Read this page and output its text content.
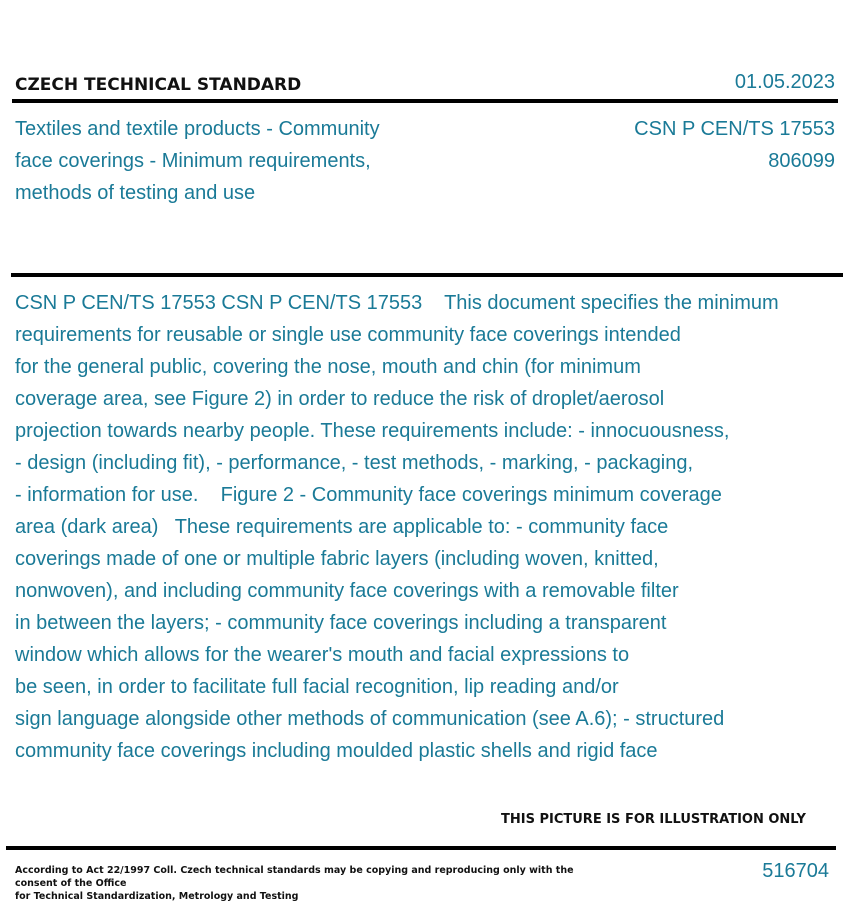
CZECH TECHNICAL STANDARD	01.05.2023
Textiles and textile products - Community
face coverings - Minimum requirements,
methods of testing and use
CSN P CEN/TS 17553
806099
CSN P CEN/TS 17553 CSN P CEN/TS 17553    This document specifies the minimum
requirements for reusable or single use community face coverings intended
for the general public, covering the nose, mouth and chin (for minimum
coverage area, see Figure 2) in order to reduce the risk of droplet/aerosol
projection towards nearby people. These requirements include: - innocuousness,
- design (including fit), - performance, - test methods, - marking, - packaging,
- information for use.    Figure 2 - Community face coverings minimum coverage
area (dark area)   These requirements are applicable to: - community face
coverings made of one or multiple fabric layers (including woven, knitted,
nonwoven), and including community face coverings with a removable filter
in between the layers; - community face coverings including a transparent
window which allows for the wearer's mouth and facial expressions to
be seen, in order to facilitate full facial recognition, lip reading and/or
sign language alongside other methods of communication (see A.6); - structured
community face coverings including moulded plastic shells and rigid face
THIS PICTURE IS FOR ILLUSTRATION ONLY
According to Act 22/1997 Coll. Czech technical standards may be copying and reproducing only with the consent of the Office
for Technical Standardization, Metrology and Testing
516704
